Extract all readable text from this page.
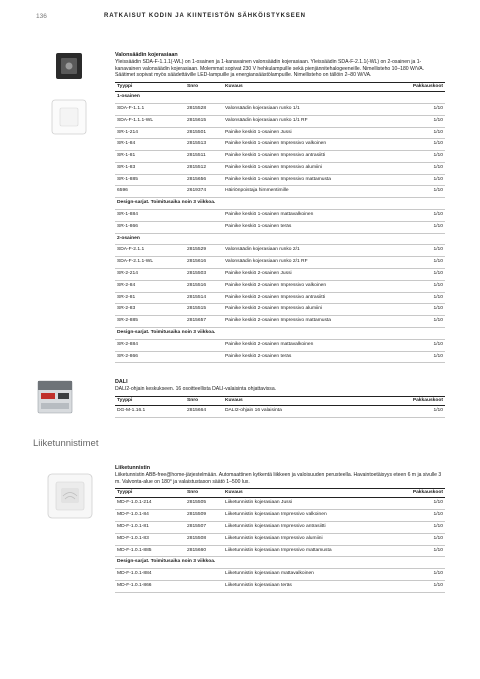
136	RATKAISUT KODIN JA KIINTEISTÖN SÄHKÖISTYKSEEN
Liiketunnistimet

Valonsäädin kojerasiaan

Yleissäädin SDA-F-1.1.1(-WL) on 1-osainen ja 1-kanavainen valonsäädin kojerasiaan. Yleissäädin SDA-F-2.1.1(-WL) on 2-osainen ja 1-kanavainen valonsäädin kojerasiaan. Molemmat sopivat 230 V hehkulampuille sekä pienjännitehalogeeneille. Nimellisteho 10–180 W/VA. Säätimet sopivat myös säädettäville LED-lampuille ja energiansäästölampuille. Nimellisteho on tällöin 2–80 W/VA.

Tyyppi	Snro	Kuvaus	Pakkauskoot
1-osainen			
SDA-F-1.1.1	2815528	Valonsäädin kojerasiaan runko 1/1	1/10
SDA-F-1.1.1-WL	2815615	Valonsäädin kojerasiaan runko 1/1 RF	1/10
SR-1-214	2815501	Painike keskiö 1-osainen Jussi	1/10
SR-1-84	2815513	Painike keskiö 1-osainen Impressivo valkoinen	1/10
SR-1-81	2815511	Painike keskiö 1-osainen Impressivo antrasiitti	1/10
SR-1-83	2815512	Painike keskiö 1-osainen Impressivo alumiini	1/10
SR-1-885	2815656	Painike keskiö 1-osainen Impressivo mattamusta	1/10
6596	2619374	Häiriönpoistaja himmentimille	1/10
Design-sarjat. Toimitusaika noin 3 viikkoa.			
SR-1-884		Painike keskiö 1-osainen mattavalkoinen	1/10
SR-1-866		Painike keskiö 1-osainen teräs	1/10
2-osainen			
SDA-F-2.1.1	2815529	Valonsäädin kojerasiaan runko 2/1	1/10
SDA-F-2.1.1-WL	2815616	Valonsäädin kojerasiaan runko 2/1 RF	1/10
SR-2-214	2815503	Painike keskiö 2-osainen Jussi	1/10
SR-2-84	2815516	Painike keskiö 2-osainen Impressivo valkoinen	1/10
SR-2-81	2815514	Painike keskiö 2-osainen Impressivo antrasiitti	1/10
SR-2-83	2815515	Painike keskiö 2-osainen Impressivo alumiini	1/10
SR-2-885	2815657	Painike keskiö 2-osainen Impressivo mattamusta	1/10
Design-sarjat. Toimitusaika noin 3 viikkoa.			
SR-2-884		Painike keskiö 2-osainen mattavalkoinen	1/10
SR-2-866		Painike keskiö 2-osainen teräs	1/10

DALI

DALI2-ohjain keskukseen. 16 osoitteellista DALI-valaisinta ohjattavissa.

Tyyppi	Snro	Kuvaus	Pakkauskoot
DG-M-1.16.1	2815664	DALI2-ohjain 16 valaisinta	1/10

Liiketunnistin

Liiketunnistin ABB-free@home-järjestelmään. Automaattinen kytkentä liikkeen ja valoisuuden perusteella. Havaintoetäisyys eteen 6 m ja sivulle 3 m. Valvonta-alue on 180° ja valaistustason säätö 1–500 lux.

Tyyppi	Snro	Kuvaus	Pakkauskoot
MD-F-1.0.1-214	2815505	Liiketunnistin kojerasiaan Jussi	1/10
MD-F-1.0.1-84	2815509	Liiketunnistin kojerasiaan Impressivo valkoinen	1/10
MD-F-1.0.1-81	2815507	Liiketunnistin kojerasiaan Impressivo antrasiitti	1/10
MD-F-1.0.1-83	2815508	Liiketunnistin kojerasiaan Impressivo alumiini	1/10
MD-F-1.0.1-885	2815660	Liiketunnistin kojerasiaan Impressivo mattamusta	1/10
Design-sarjat. Toimitusaika noin 3 viikkoa.			
MD-F-1.0.1-884		Liiketunnistin kojerasiaan mattavalkoinen	1/10
MD-F-1.0.1-866		Liiketunnistin kojerasiaan teräs	1/10
